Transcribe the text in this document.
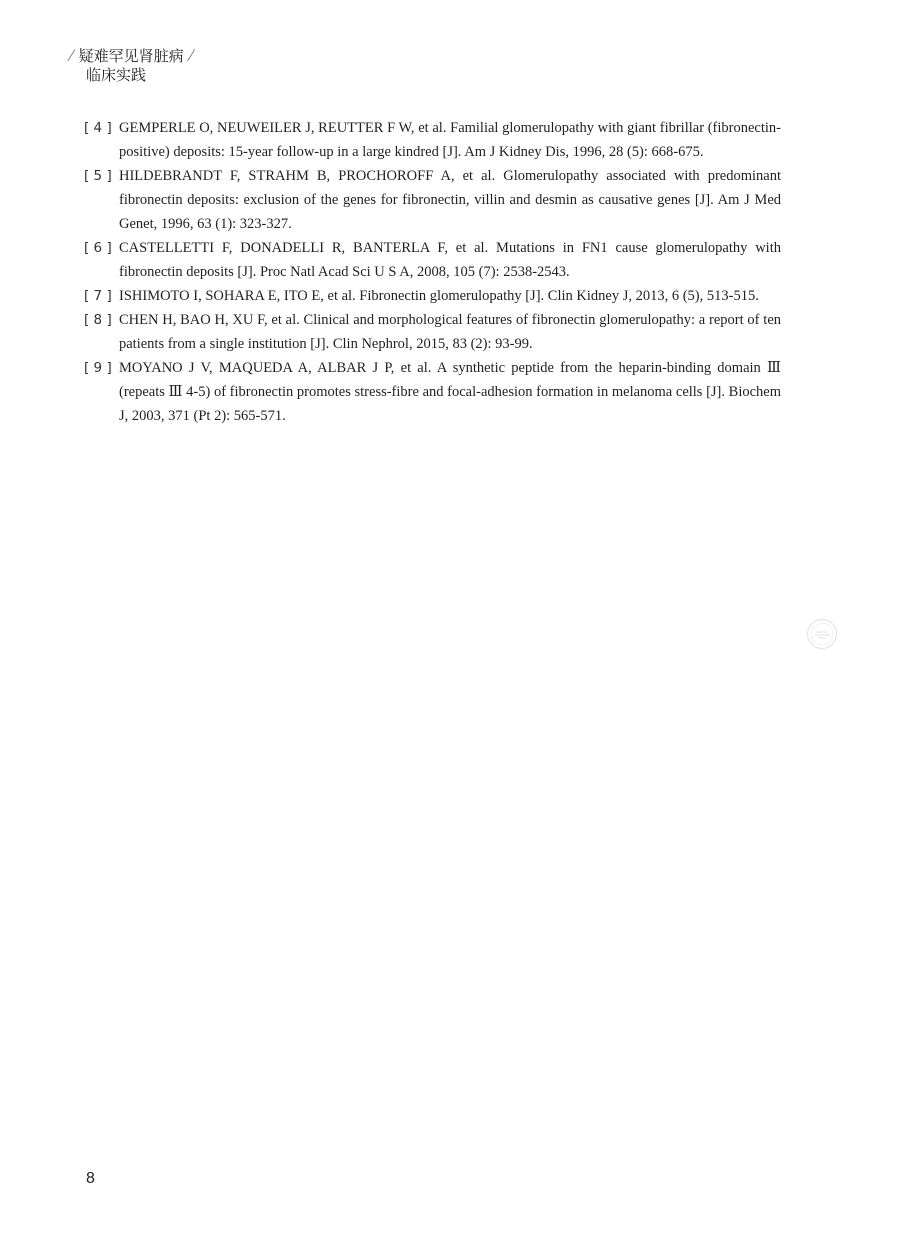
⁄ 疑难罕见肾脏病 ⁄
临床实践
[ 4 ] GEMPERLE O, NEUWEILER J, REUTTER F W, et al. Familial glomerulopathy with giant fibrillar (fibronectin-positive) deposits: 15-year follow-up in a large kindred [J]. Am J Kidney Dis, 1996, 28 (5): 668-675.
[ 5 ] HILDEBRANDT F, STRAHM B, PROCHOROFF A, et al. Glomerulopathy associated with predominant fibronectin deposits: exclusion of the genes for fibronectin, villin and desmin as causative genes [J]. Am J Med Genet, 1996, 63 (1): 323-327.
[ 6 ] CASTELLETTI F, DONADELLI R, BANTERLA F, et al. Mutations in FN1 cause glomerulopathy with fibronectin deposits [J]. Proc Natl Acad Sci U S A, 2008, 105 (7): 2538-2543.
[ 7 ] ISHIMOTO I, SOHARA E, ITO E, et al. Fibronectin glomerulopathy [J]. Clin Kidney J, 2013, 6 (5), 513-515.
[ 8 ] CHEN H, BAO H, XU F, et al. Clinical and morphological features of fibronectin glomerulopathy: a report of ten patients from a single institution [J]. Clin Nephrol, 2015, 83 (2): 93-99.
[ 9 ] MOYANO J V, MAQUEDA A, ALBAR J P, et al. A synthetic peptide from the heparin-binding domain Ⅲ (repeats Ⅲ 4-5) of fibronectin promotes stress-fibre and focal-adhesion formation in melanoma cells [J]. Biochem J, 2003, 371 (Pt 2): 565-571.
8
